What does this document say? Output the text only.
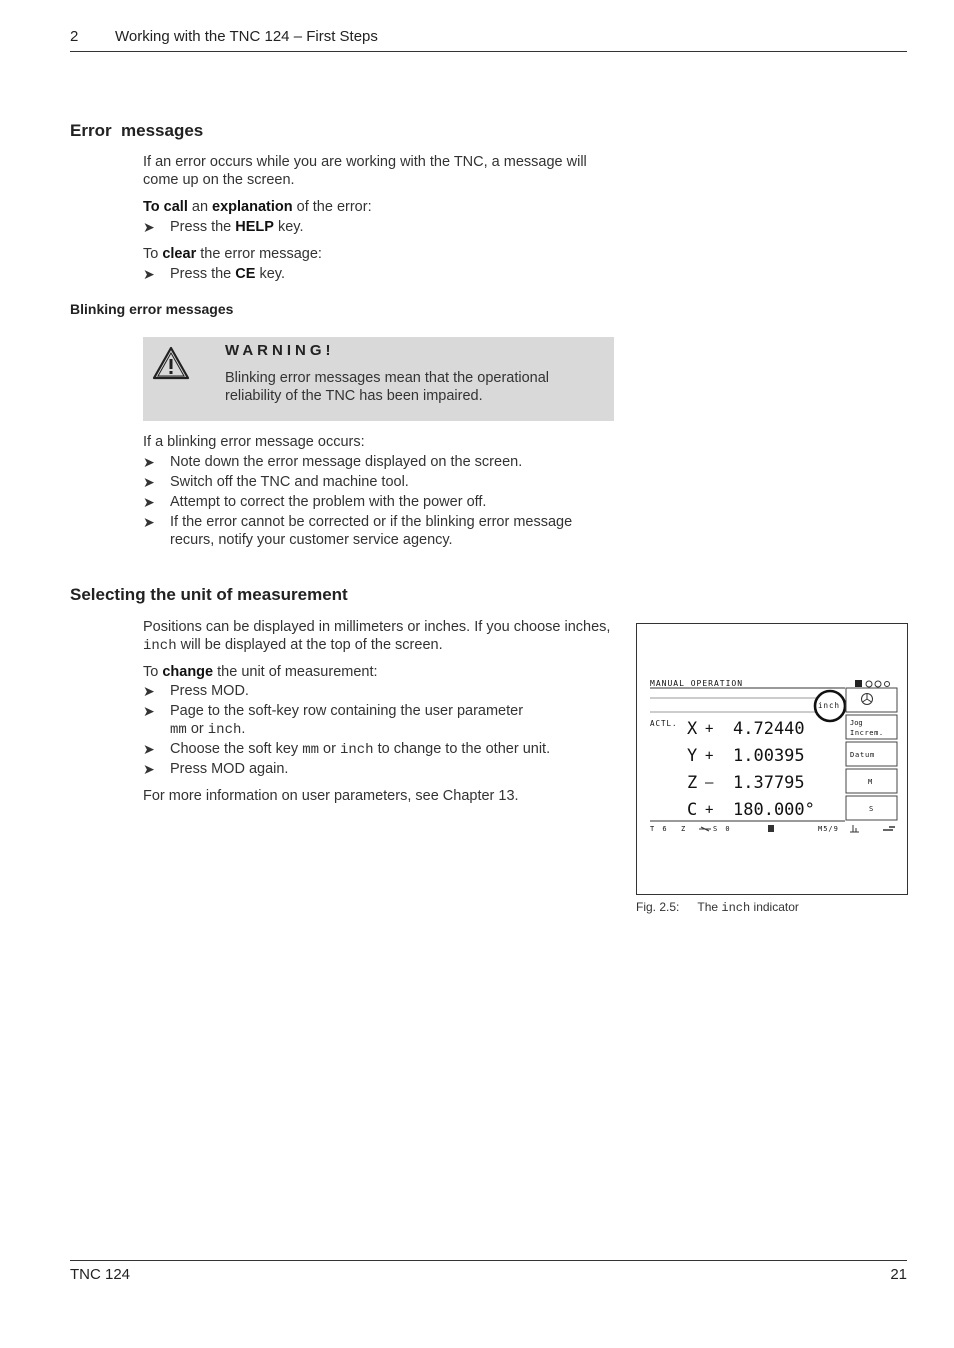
2 Working with the TNC 124 – First Steps
Error  messages
If an error occurs while you are working with the TNC, a message will come up on the screen.
To call an explanation of the error:
➤ Press the HELP key.
To clear the error message:
➤ Press the CE key.
Blinking error messages
WARNING!
Blinking error messages mean that the operational reliability of the TNC has been impaired.
If a blinking error message occurs:
➤ Note down the error message displayed on the screen.
➤ Switch off the TNC and machine tool.
➤ Attempt to correct the problem with the power off.
➤ If the error cannot be corrected or if the blinking error message recurs, notify your customer service agency.
Selecting the unit of measurement
Positions can be displayed in millimeters or inches. If you choose inches, inch will be displayed at the top of the screen.
To change the unit of measurement:
➤ Press MOD.
➤ Page to the soft-key row containing the user parameter
mm or inch.
➤ Choose the soft key mm or inch to change to the other unit.
➤ Press MOD again.
For more information on user parameters, see Chapter 13.
MANUAL OPERATION
inch
Jog
Increm.
Datum
M
S
ACTL. X + 4.72440
Y + 1.00395
Z – 1.37795
C + 180.000°
T 6 Z	S 0	M5/9
Fig. 2.5: The inch indicator
TNC 124	21
